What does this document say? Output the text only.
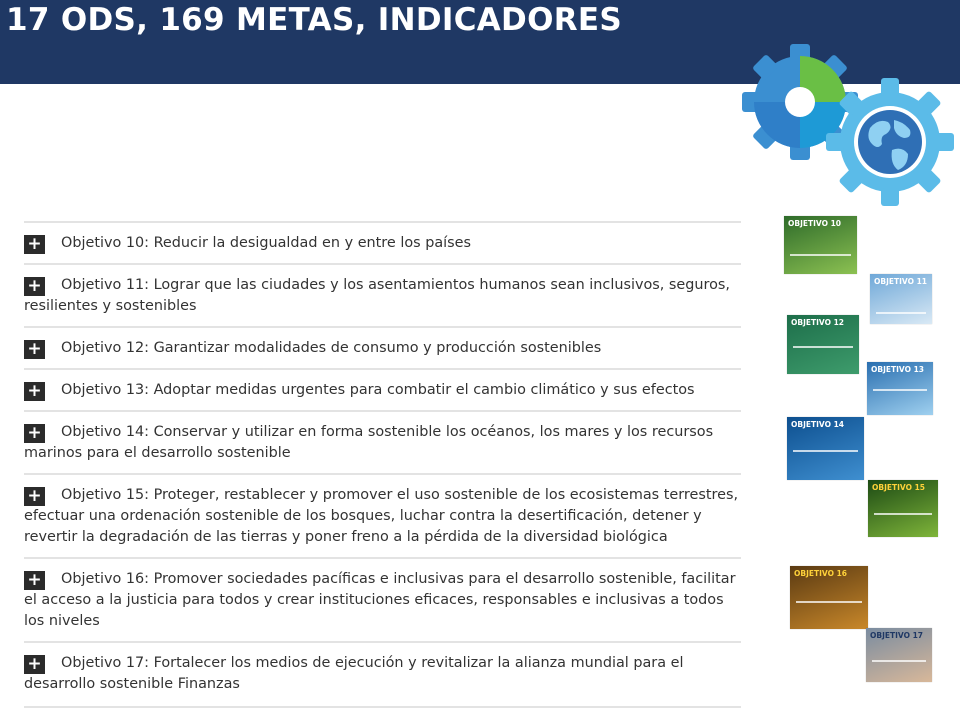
17 ODS, 169 METAS, INDICADORES
+	Objetivo 10: Reducir la desigualdad en y entre los países
+	Objetivo 11: Lograr que las ciudades y los asentamientos humanos sean inclusivos, seguros, resilientes y sostenibles
+	Objetivo 12: Garantizar modalidades de consumo y producción sostenibles
+	Objetivo 13: Adoptar medidas urgentes para combatir el cambio climático y sus efectos
+	Objetivo 14: Conservar y utilizar en forma sostenible los océanos, los mares y los recursos marinos para el desarrollo sostenible
+	Objetivo 15: Proteger, restablecer y promover el uso sostenible de los ecosistemas terrestres, efectuar una ordenación sostenible de los bosques, luchar contra la desertificación, detener y revertir la degradación de las tierras y poner freno a la pérdida de la diversidad biológica
+	Objetivo 16: Promover sociedades pacíficas e inclusivas para el desarrollo sostenible, facilitar el acceso a la justicia para todos y crear instituciones eficaces, responsables e inclusivas a todos los niveles
+	Objetivo 17: Fortalecer los medios de ejecución y revitalizar la alianza mundial para el desarrollo sostenible Finanzas
OBJETIVO 10
OBJETIVO 11
OBJETIVO 12
OBJETIVO 13
OBJETIVO 14
OBJETIVO 15
OBJETIVO 16
OBJETIVO 17
